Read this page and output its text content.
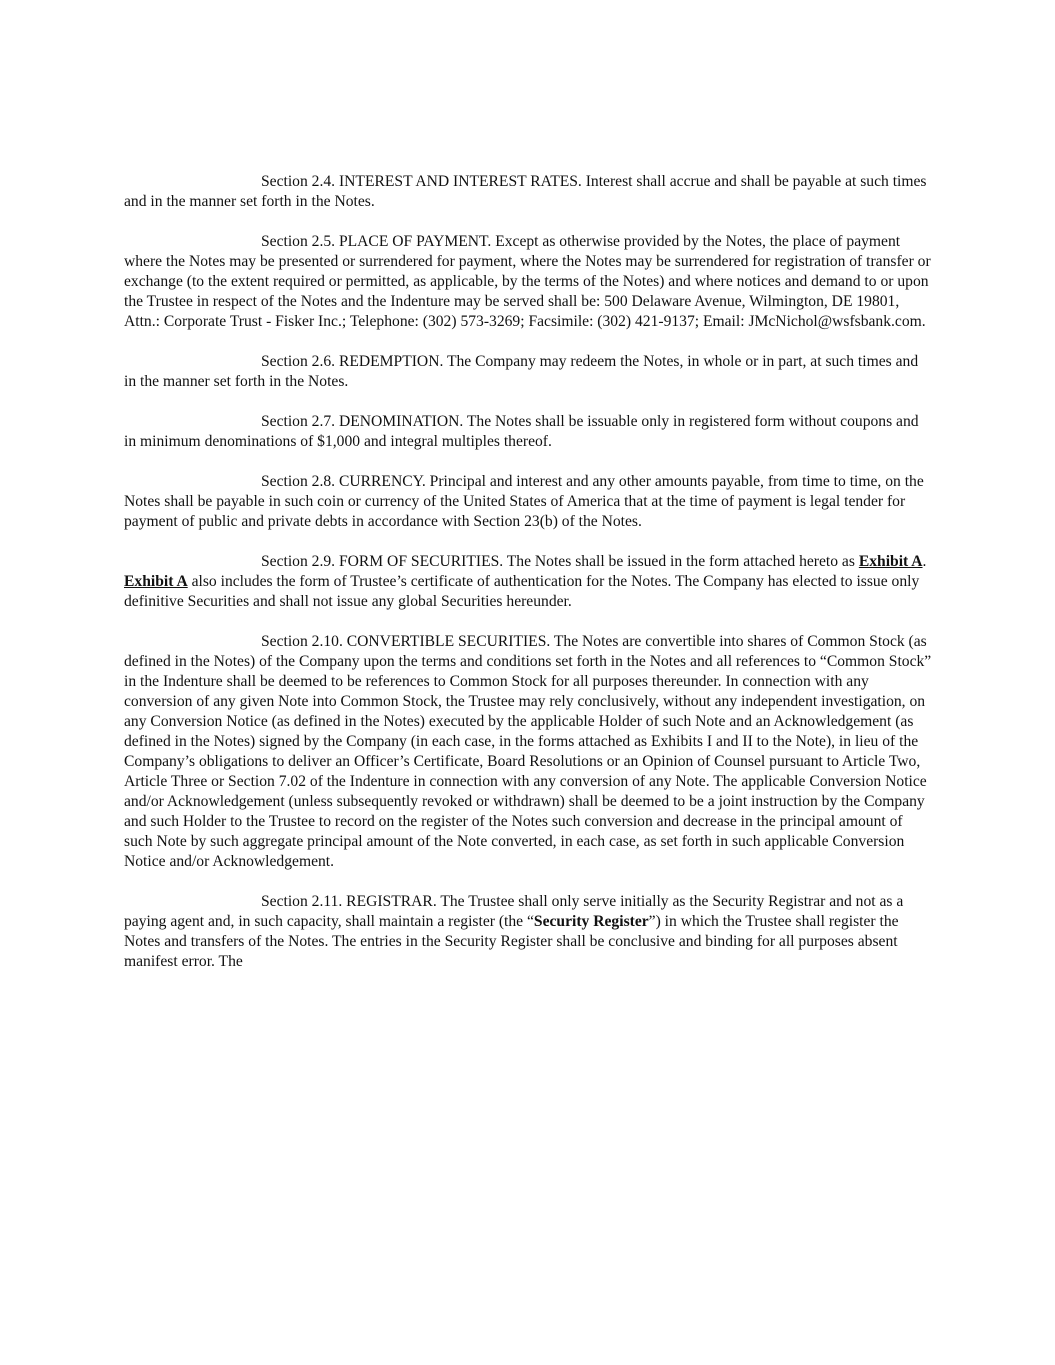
Section 2.4. INTEREST AND INTEREST RATES. Interest shall accrue and shall be payable at such times and in the manner set forth in the Notes.

Section 2.5. PLACE OF PAYMENT. Except as otherwise provided by the Notes, the place of payment where the Notes may be presented or surrendered for payment, where the Notes may be surrendered for registration of transfer or exchange (to the extent required or permitted, as applicable, by the terms of the Notes) and where notices and demand to or upon the Trustee in respect of the Notes and the Indenture may be served shall be: 500 Delaware Avenue, Wilmington, DE 19801, Attn.: Corporate Trust - Fisker Inc.; Telephone: (302) 573-3269; Facsimile: (302) 421-9137; Email: JMcNichol@wsfsbank.com.

Section 2.6. REDEMPTION. The Company may redeem the Notes, in whole or in part, at such times and in the manner set forth in the Notes.

Section 2.7. DENOMINATION. The Notes shall be issuable only in registered form without coupons and in minimum denominations of $1,000 and integral multiples thereof.

Section 2.8. CURRENCY. Principal and interest and any other amounts payable, from time to time, on the Notes shall be payable in such coin or currency of the United States of America that at the time of payment is legal tender for payment of public and private debts in accordance with Section 23(b) of the Notes.

Section 2.9. FORM OF SECURITIES. The Notes shall be issued in the form attached hereto as Exhibit A. Exhibit A also includes the form of Trustee’s certificate of authentication for the Notes. The Company has elected to issue only definitive Securities and shall not issue any global Securities hereunder.

Section 2.10. CONVERTIBLE SECURITIES. The Notes are convertible into shares of Common Stock (as defined in the Notes) of the Company upon the terms and conditions set forth in the Notes and all references to “Common Stock” in the Indenture shall be deemed to be references to Common Stock for all purposes thereunder. In connection with any conversion of any given Note into Common Stock, the Trustee may rely conclusively, without any independent investigation, on any Conversion Notice (as defined in the Notes) executed by the applicable Holder of such Note and an Acknowledgement (as defined in the Notes) signed by the Company (in each case, in the forms attached as Exhibits I and II to the Note), in lieu of the Company’s obligations to deliver an Officer’s Certificate, Board Resolutions or an Opinion of Counsel pursuant to Article Two, Article Three or Section 7.02 of the Indenture in connection with any conversion of any Note. The applicable Conversion Notice and/or Acknowledgement (unless subsequently revoked or withdrawn) shall be deemed to be a joint instruction by the Company and such Holder to the Trustee to record on the register of the Notes such conversion and decrease in the principal amount of such Note by such aggregate principal amount of the Note converted, in each case, as set forth in such applicable Conversion Notice and/or Acknowledgement.

Section 2.11. REGISTRAR. The Trustee shall only serve initially as the Security Registrar and not as a paying agent and, in such capacity, shall maintain a register (the “Security Register”) in which the Trustee shall register the Notes and transfers of the Notes. The entries in the Security Register shall be conclusive and binding for all purposes absent manifest error. The
